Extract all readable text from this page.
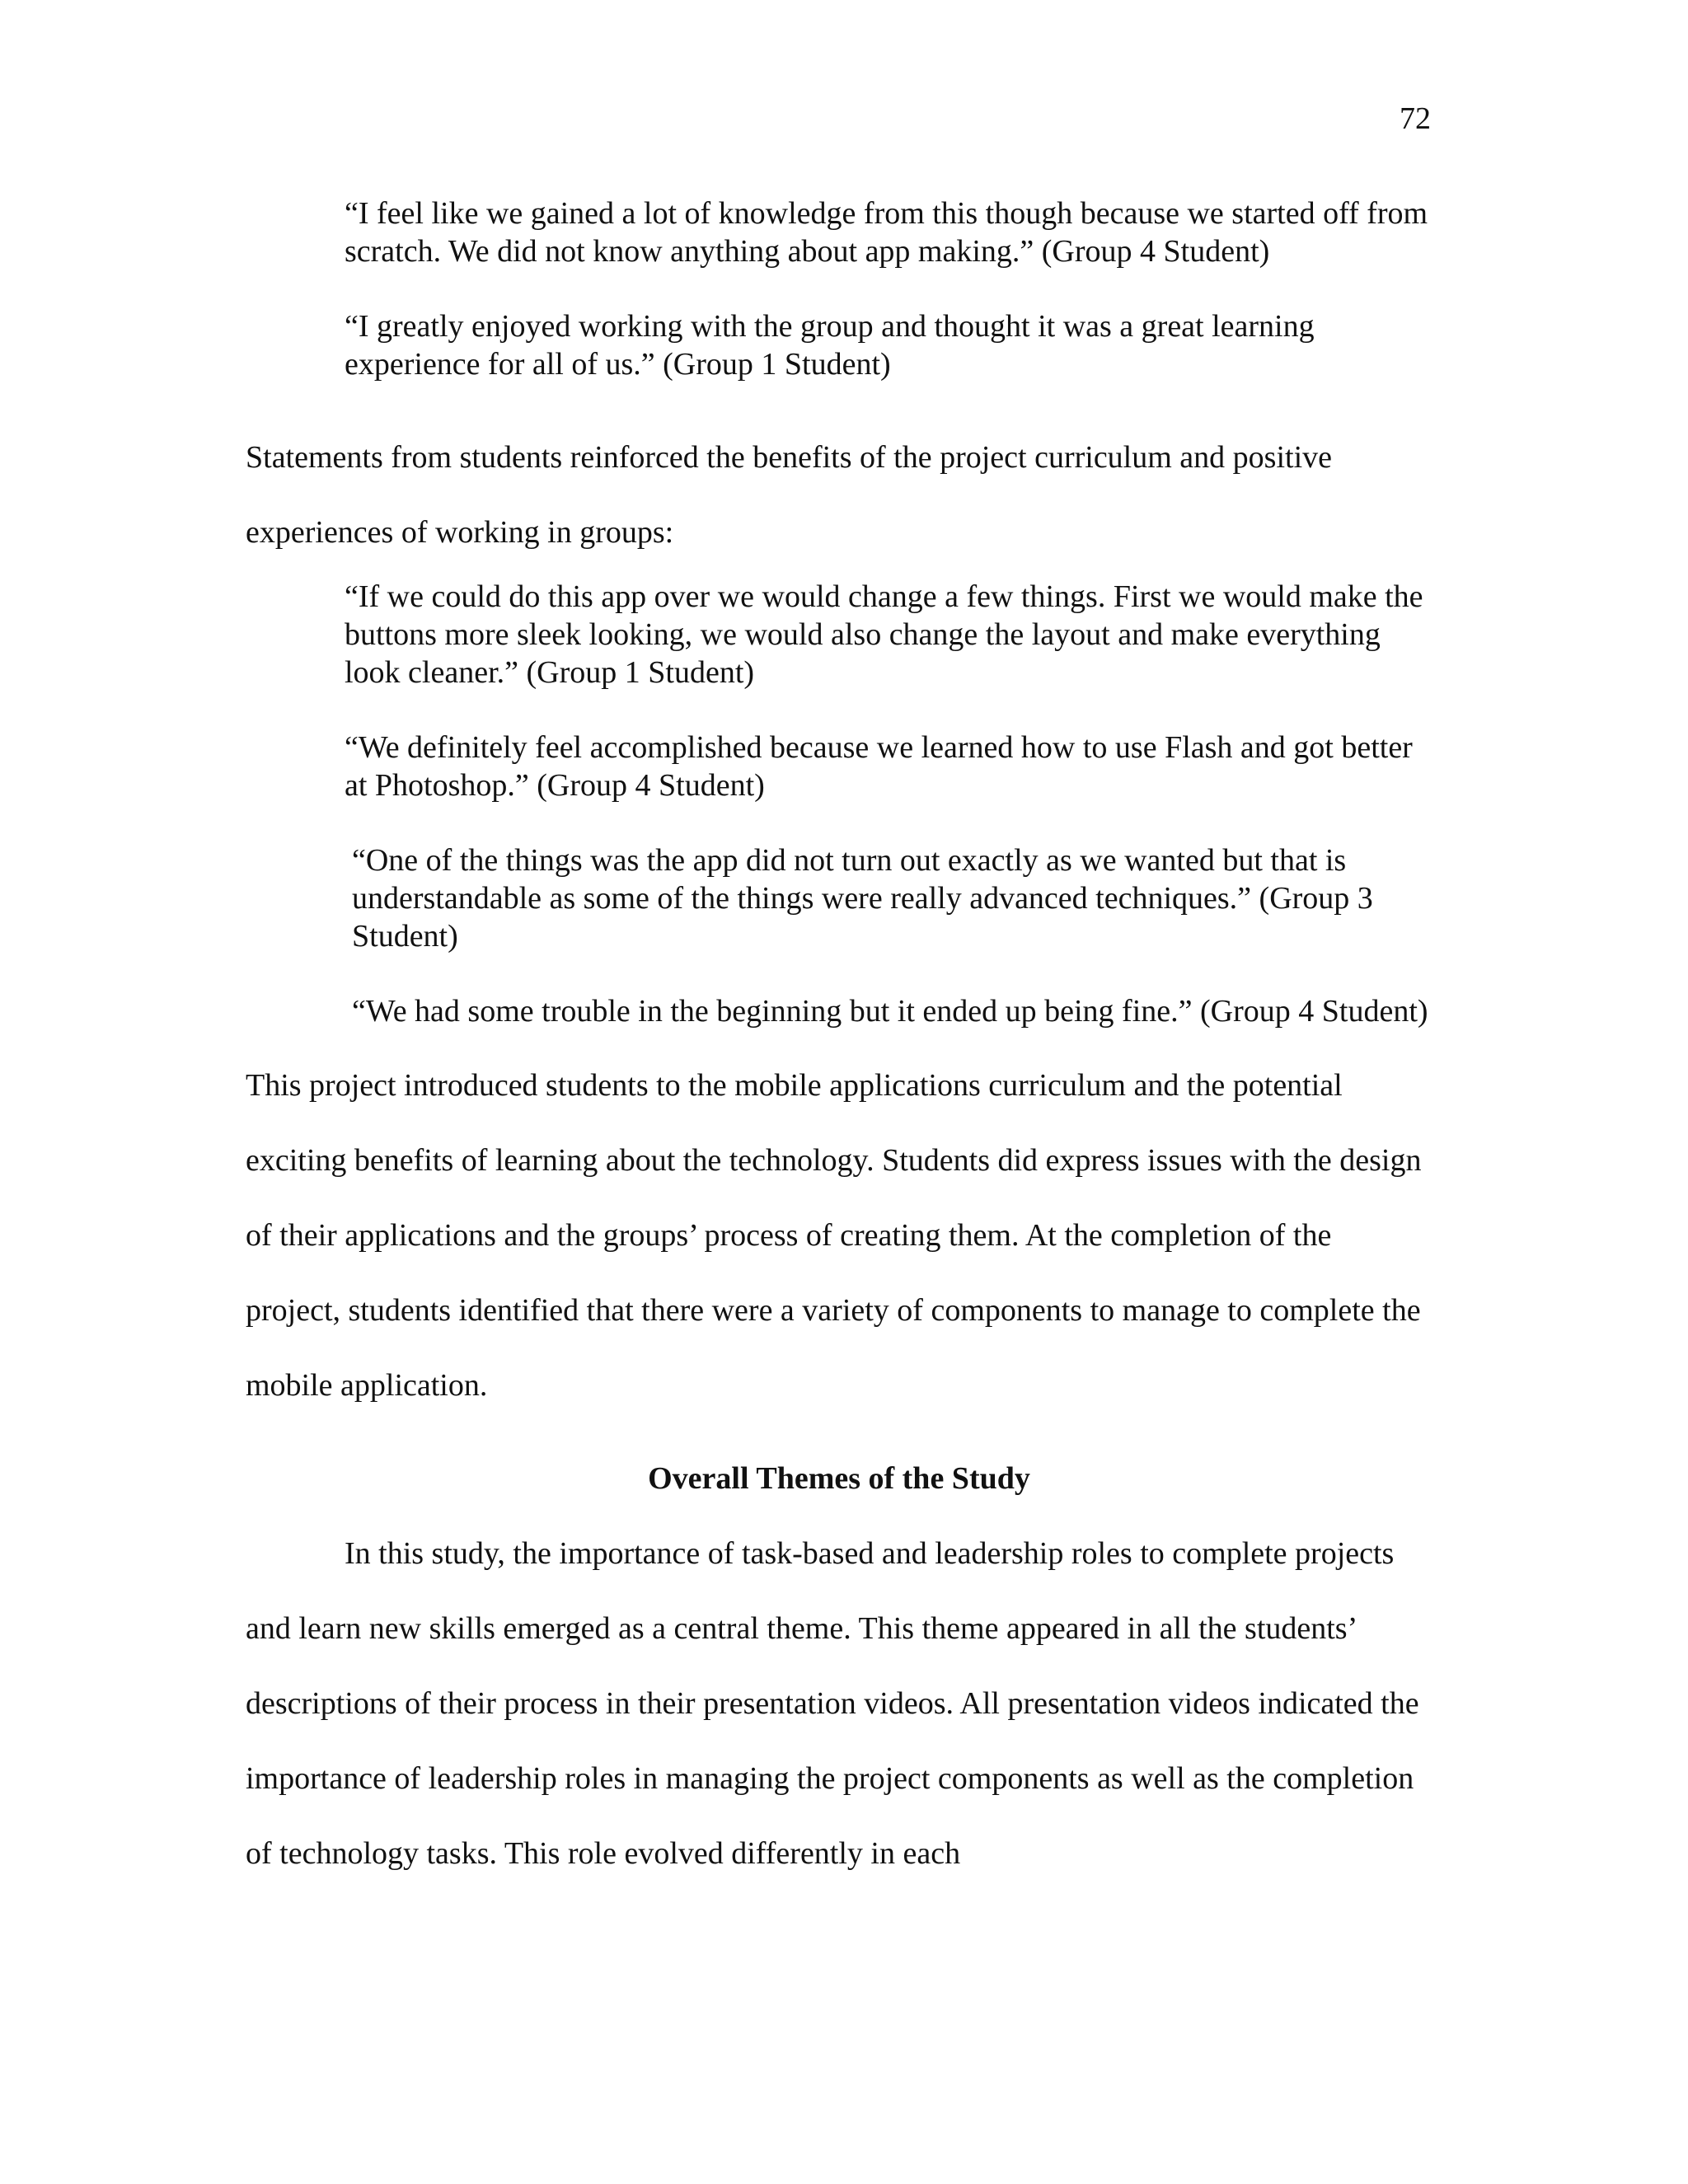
72

“I feel like we gained a lot of knowledge from this though because we started off from scratch. We did not know anything about app making.” (Group 4 Student)

“I greatly enjoyed working with the group and thought it was a great learning experience for all of us.” (Group 1 Student)

Statements from students reinforced the benefits of the project curriculum and positive experiences of working in groups:

“If we could do this app over we would change a few things. First we would make the buttons more sleek looking, we would also change the layout and make everything look cleaner.” (Group 1 Student)

“We definitely feel accomplished because we learned how to use Flash and got better at Photoshop.” (Group 4 Student)

“One of the things was the app did not turn out exactly as we wanted but that is understandable as some of the things were really advanced techniques.” (Group 3 Student)

“We had some trouble in the beginning but it ended up being fine.” (Group 4 Student)

This project introduced students to the mobile applications curriculum and the potential exciting benefits of learning about the technology. Students did express issues with the design of their applications and the groups’ process of creating them. At the completion of the project, students identified that there were a variety of components to manage to complete the mobile application.

Overall Themes of the Study

In this study, the importance of task-based and leadership roles to complete projects and learn new skills emerged as a central theme. This theme appeared in all the students’ descriptions of their process in their presentation videos. All presentation videos indicated the importance of leadership roles in managing the project components as well as the completion of technology tasks. This role evolved differently in each
